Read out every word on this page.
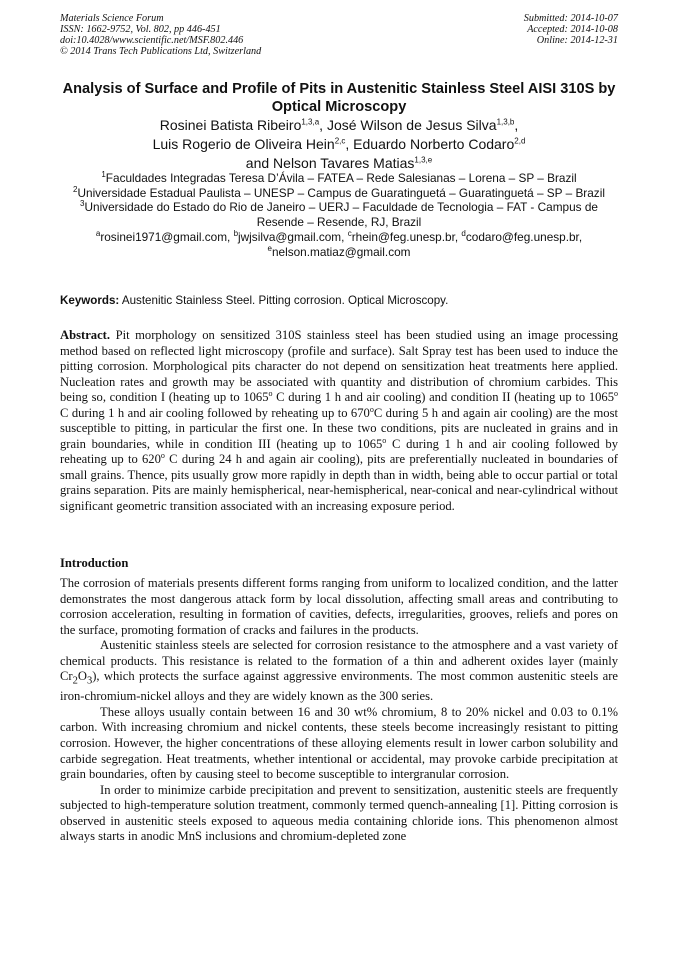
Materials Science Forum
ISSN: 1662-9752, Vol. 802, pp 446-451
doi:10.4028/www.scientific.net/MSF.802.446
© 2014 Trans Tech Publications Ltd, Switzerland
Submitted: 2014-10-07
Accepted: 2014-10-08
Online: 2014-12-31
Analysis of Surface and Profile of Pits in Austenitic Stainless Steel AISI 310S by Optical Microscopy
Rosinei Batista Ribeiro$^{1,3,a}$, José Wilson de Jesus Silva$^{1,3,b}$,
Luis Rogerio de Oliveira Hein$^{2,c}$, Eduardo Norberto Codaro$^{2,d}$
and Nelson Tavares Matias$^{1,3,e}$
$^1$Faculdades Integradas Teresa D’Ávila – FATEA – Rede Salesianas – Lorena – SP – Brazil
$^2$Universidade Estadual Paulista – UNESP – Campus de Guaratinguetá – Guaratinguetá – SP – Brazil
$^3$Universidade do Estado do Rio de Janeiro – UERJ – Faculdade de Tecnologia – FAT - Campus de Resende – Resende, RJ, Brazil
$^a$rosinei1971@gmail.com, $^b$jwjsilva@gmail.com, $^c$rhein@feg.unesp.br, $^d$codaro@feg.unesp.br,
$^e$nelson.matiaz@gmail.com
Keywords: Austenitic Stainless Steel. Pitting corrosion. Optical Microscopy.
Abstract. Pit morphology on sensitized 310S stainless steel has been studied using an image processing method based on reflected light microscopy (profile and surface). Salt Spray test has been used to induce the pitting corrosion. Morphological pits character do not depend on sensitization heat treatments here applied. Nucleation rates and growth may be associated with quantity and distribution of chromium carbides. This being so, condition I (heating up to 1065$^o$ C during 1 h and air cooling) and condition II (heating up to 1065$^o$ C during 1 h and air cooling followed by reheating up to 670$^o$C during 5 h and again air cooling) are the most susceptible to pitting, in particular the first one. In these two conditions, pits are nucleated in grains and in grain boundaries, while in condition III (heating up to 1065$^o$ C during 1 h and air cooling followed by reheating up to 620$^o$ C during 24 h and again air cooling), pits are preferentially nucleated in boundaries of small grains. Thence, pits usually grow more rapidly in depth than in width, being able to occur partial or total grains separation. Pits are mainly hemispherical, near-hemispherical, near-conical and near-cylindrical without significant geometric transition associated with an increasing exposure period.
Introduction

The corrosion of materials presents different forms ranging from uniform to localized condition, and the latter demonstrates the most dangerous attack form by local dissolution, affecting small areas and contributing to corrosion acceleration, resulting in formation of cavities, defects, irregularities, grooves, reliefs and pores on the surface, promoting formation of cracks and failures in the products.

Austenitic stainless steels are selected for corrosion resistance to the atmosphere and a vast variety of chemical products. This resistance is related to the formation of a thin and adherent oxides layer (mainly $Cr_2O_3$), which protects the surface against aggressive environments. The most common austenitic steels are iron-chromium-nickel alloys and they are widely known as the 300 series.

These alloys usually contain between 16 and 30 wt% chromium, 8 to 20% nickel and 0.03 to 0.1% carbon. With increasing chromium and nickel contents, these steels become increasingly resistant to pitting corrosion. However, the higher concentrations of these alloying elements result in lower carbon solubility and carbide segregation. Heat treatments, whether intentional or accidental, may provoke carbide precipitation at grain boundaries, often by causing steel to become susceptible to intergranular corrosion.

In order to minimize carbide precipitation and prevent to sensitization, austenitic steels are frequently subjected to high-temperature solution treatment, commonly termed quench-annealing [1]. Pitting corrosion is observed in austenitic steels exposed to aqueous media containing chloride ions. This phenomenon almost always starts in anodic MnS inclusions and chromium-depleted zone
